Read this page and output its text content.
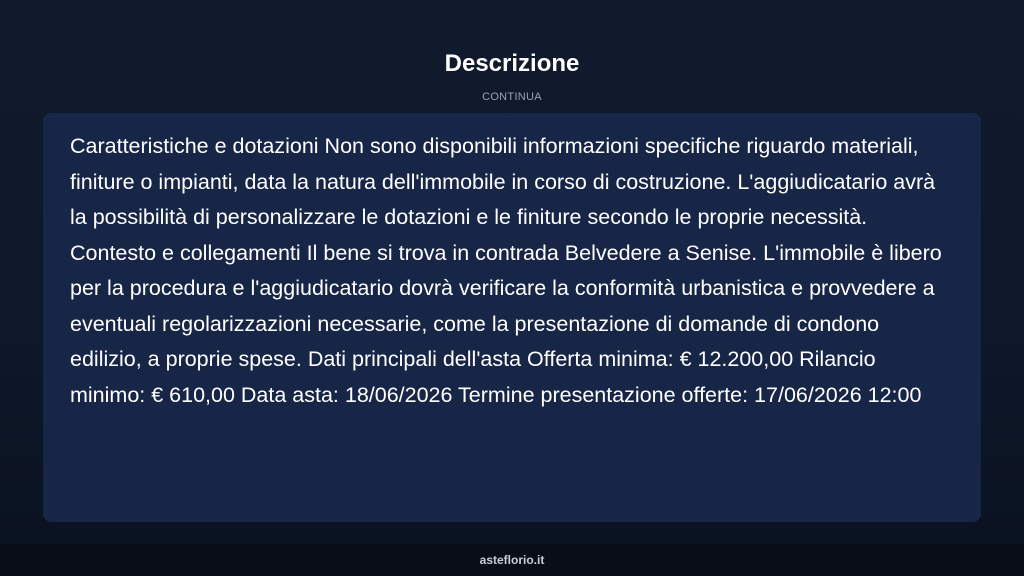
Descrizione
CONTINUA

Caratteristiche e dotazioni Non sono disponibili informazioni specifiche riguardo materiali, finiture o impianti, data la natura dell'immobile in corso di costruzione. L'aggiudicatario avrà la possibilità di personalizzare le dotazioni e le finiture secondo le proprie necessità. Contesto e collegamenti Il bene si trova in contrada Belvedere a Senise. L'immobile è libero per la procedura e l'aggiudicatario dovrà verificare la conformità urbanistica e provvedere a eventuali regolarizzazioni necessarie, come la presentazione di domande di condono edilizio, a proprie spese. Dati principali dell'asta Offerta minima: € 12.200,00 Rilancio minimo: € 610,00 Data asta: 18/06/2026 Termine presentazione offerte: 17/06/2026 12:00

asteflorio.it
